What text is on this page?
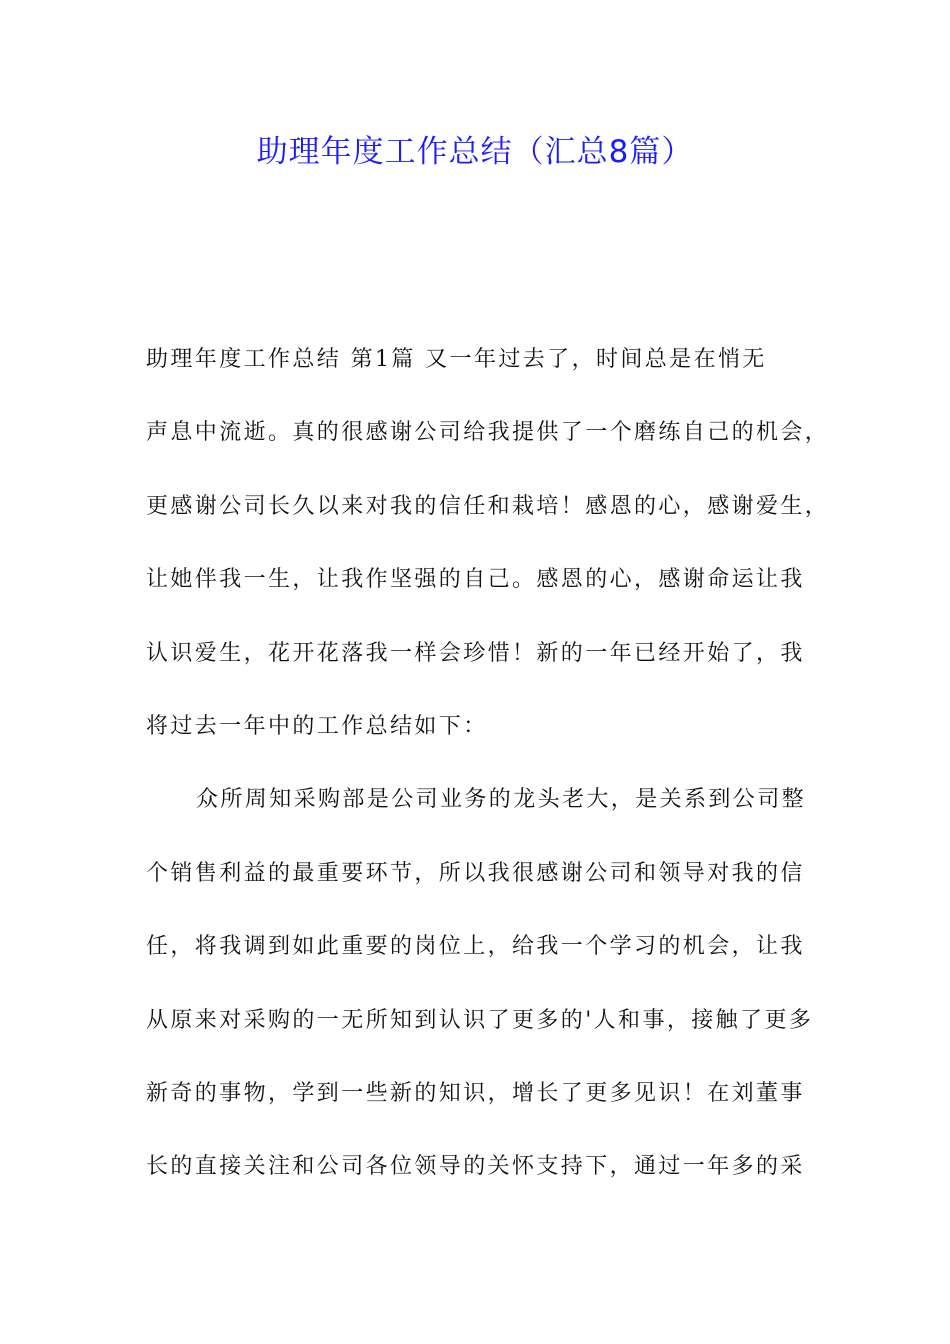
助理年度工作总结（汇总8篇）
助理年度工作总结 第1篇 又一年过去了，时间总是在悄无
声息中流逝。真的很感谢公司给我提供了一个磨练自己的机会，
更感谢公司长久以来对我的信任和栽培！感恩的心，感谢爱生，
让她伴我一生，让我作坚强的自己。感恩的心，感谢命运让我
认识爱生，花开花落我一样会珍惜！新的一年已经开始了，我
将过去一年中的工作总结如下：
众所周知采购部是公司业务的龙头老大，是关系到公司整
个销售利益的最重要环节，所以我很感谢公司和领导对我的信
任，将我调到如此重要的岗位上，给我一个学习的机会，让我
从原来对采购的一无所知到认识了更多的'人和事，接触了更多
新奇的事物，学到一些新的知识，增长了更多见识！在刘董事
长的直接关注和公司各位领导的关怀支持下，通过一年多的采
